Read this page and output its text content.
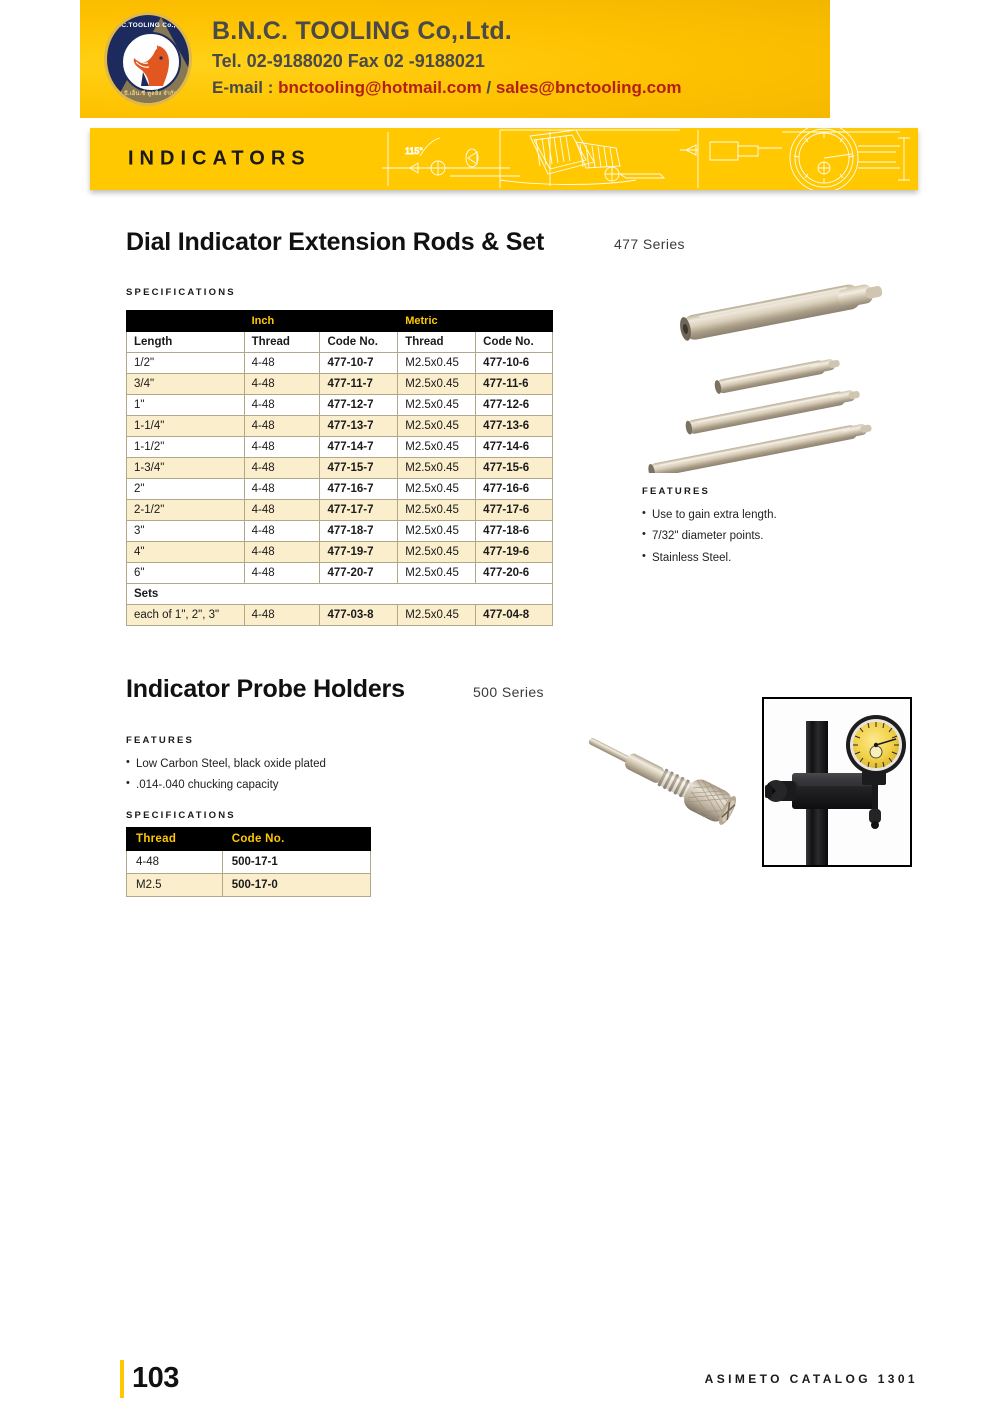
B.N.C.TOOLING Co.,Ltd.
บ.บี.เอ็น.ซี ทูลลิ่ง จำกัด
B.N.C. TOOLING Co,.Ltd.
Tel. 02-9188020 Fax 02 -9188021
E-mail : bnctooling@hotmail.com / sales@bnctooling.com
INDICATORS	115°
Dial Indicator Extension Rods & Set	477 Series
SPECIFICATIONS
	Inch		Metric	
Length	Thread	Code No.	Thread	Code No.
1/2"	4-48	477-10-7	M2.5x0.45	477-10-6
3/4"	4-48	477-11-7	M2.5x0.45	477-11-6
1"	4-48	477-12-7	M2.5x0.45	477-12-6
1-1/4"	4-48	477-13-7	M2.5x0.45	477-13-6
1-1/2"	4-48	477-14-7	M2.5x0.45	477-14-6
1-3/4"	4-48	477-15-7	M2.5x0.45	477-15-6
2"	4-48	477-16-7	M2.5x0.45	477-16-6
2-1/2"	4-48	477-17-7	M2.5x0.45	477-17-6
3"	4-48	477-18-7	M2.5x0.45	477-18-6
4"	4-48	477-19-7	M2.5x0.45	477-19-6
6"	4-48	477-20-7	M2.5x0.45	477-20-6
Sets				
each of 1", 2", 3"	4-48	477-03-8	M2.5x0.45	477-04-8
FEATURES
• Use to gain extra length.
• 7/32" diameter points.
• Stainless Steel.
Indicator Probe Holders	500 Series
FEATURES
• Low Carbon Steel, black oxide plated
• .014-.040 chucking capacity
SPECIFICATIONS
Thread	Code No.
4-48	500-17-1
M2.5	500-17-0
103	ASIMETO CATALOG 1301
